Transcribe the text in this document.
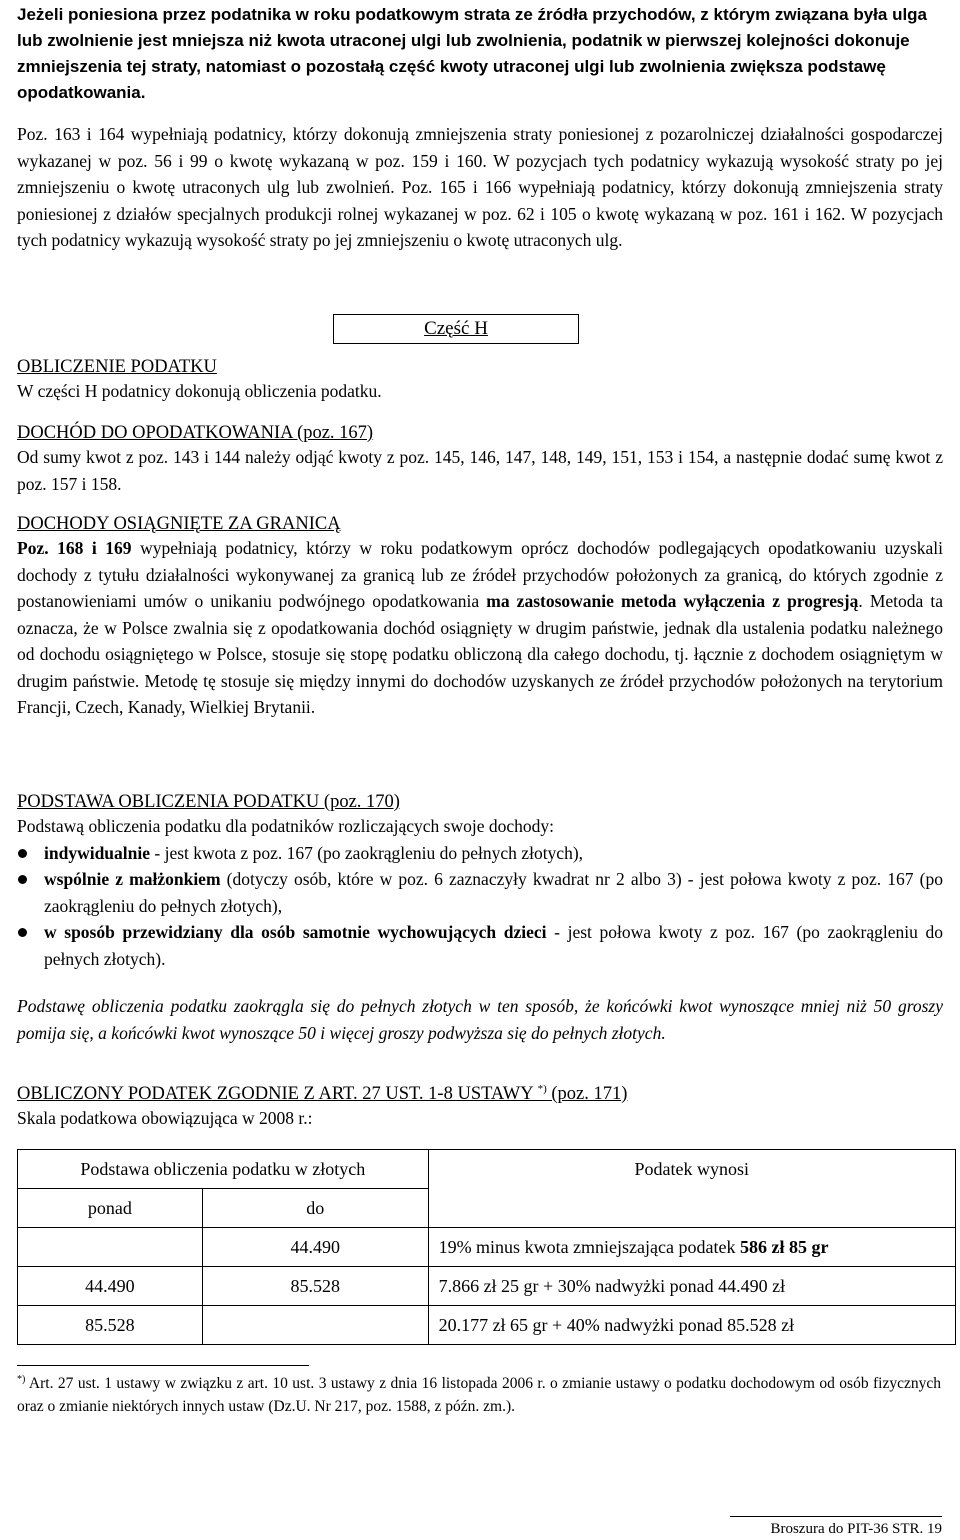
Jeżeli poniesiona przez podatnika w roku podatkowym strata ze źródła przychodów, z którym związana była ulga lub zwolnienie jest mniejsza niż kwota utraconej ulgi lub zwolnienia, podatnik w pierwszej kolejności dokonuje zmniejszenia tej straty, natomiast o pozostałą część kwoty utraconej ulgi lub zwolnienia zwiększa podstawę opodatkowania.

Poz. 163 i 164 wypełniają podatnicy, którzy dokonują zmniejszenia straty poniesionej z pozarolniczej działalności gospodarczej wykazanej w poz. 56 i 99 o kwotę wykazaną w poz. 159 i 160. W pozycjach tych podatnicy wykazują wysokość straty po jej zmniejszeniu o kwotę utraconych ulg lub zwolnień. Poz. 165 i 166 wypełniają podatnicy, którzy dokonują zmniejszenia straty poniesionej z działów specjalnych produkcji rolnej wykazanej w poz. 62 i 105 o kwotę wykazaną w poz. 161 i 162. W pozycjach tych podatnicy wykazują wysokość straty po jej zmniejszeniu o kwotę utraconych ulg.

Część H

OBLICZENIE PODATKU

W części H podatnicy dokonują obliczenia podatku.

DOCHÓD DO OPODATKOWANIA (poz. 167)

Od sumy kwot z poz. 143 i 144 należy odjąć kwoty z poz. 145, 146, 147, 148, 149, 151, 153 i 154, a następnie dodać sumę kwot z poz. 157 i 158.

DOCHODY OSIĄGNIĘTE ZA GRANICĄ

Poz. 168 i 169 wypełniają podatnicy, którzy w roku podatkowym oprócz dochodów podlegających opodatkowaniu uzyskali dochody z tytułu działalności wykonywanej za granicą lub ze źródeł przychodów położonych za granicą, do których zgodnie z postanowieniami umów o unikaniu podwójnego opodatkowania ma zastosowanie metoda wyłączenia z progresją. Metoda ta oznacza, że w Polsce zwalnia się z opodatkowania dochód osiągnięty w drugim państwie, jednak dla ustalenia podatku należnego od dochodu osiągniętego w Polsce, stosuje się stopę podatku obliczoną dla całego dochodu, tj. łącznie z dochodem osiągniętym w drugim państwie. Metodę tę stosuje się między innymi do dochodów uzyskanych ze źródeł przychodów położonych na terytorium Francji, Czech, Kanady, Wielkiej Brytanii.

PODSTAWA OBLICZENIA PODATKU (poz. 170)

Podstawą obliczenia podatku dla podatników rozliczających swoje dochody:

indywidualnie - jest kwota z poz. 167 (po zaokrągleniu do pełnych złotych),
wspólnie z małżonkiem (dotyczy osób, które w poz. 6 zaznaczyły kwadrat nr 2 albo 3) - jest połowa kwoty z poz. 167 (po zaokrągleniu do pełnych złotych),
w sposób przewidziany dla osób samotnie wychowujących dzieci - jest połowa kwoty z poz. 167 (po zaokrągleniu do pełnych złotych).

Podstawę obliczenia podatku zaokrągla się do pełnych złotych w ten sposób, że końcówki kwot wynoszące mniej niż 50 groszy pomija się, a końcówki kwot wynoszące 50 i więcej groszy podwyższa się do pełnych złotych.

OBLICZONY PODATEK ZGODNIE Z ART. 27 UST. 1-8 USTAWY *) (poz. 171)

Skala podatkowa obowiązująca w 2008 r.:

Podstawa obliczenia podatku w złotych		Podatek wynosi
ponad	do	
	44.490	19% minus kwota zmniejszająca podatek 586 zł 85 gr
44.490	85.528	7.866 zł 25 gr + 30% nadwyżki ponad 44.490 zł
85.528		20.177 zł 65 gr + 40% nadwyżki ponad 85.528 zł

*) Art. 27 ust. 1 ustawy w związku z art. 10 ust. 3 ustawy z dnia 16 listopada 2006 r. o zmianie ustawy o podatku dochodowym od osób fizycznych oraz o zmianie niektórych innych ustaw (Dz.U. Nr 217, poz. 1588, z późn. zm.).

Broszura do PIT-36 STR. 19
